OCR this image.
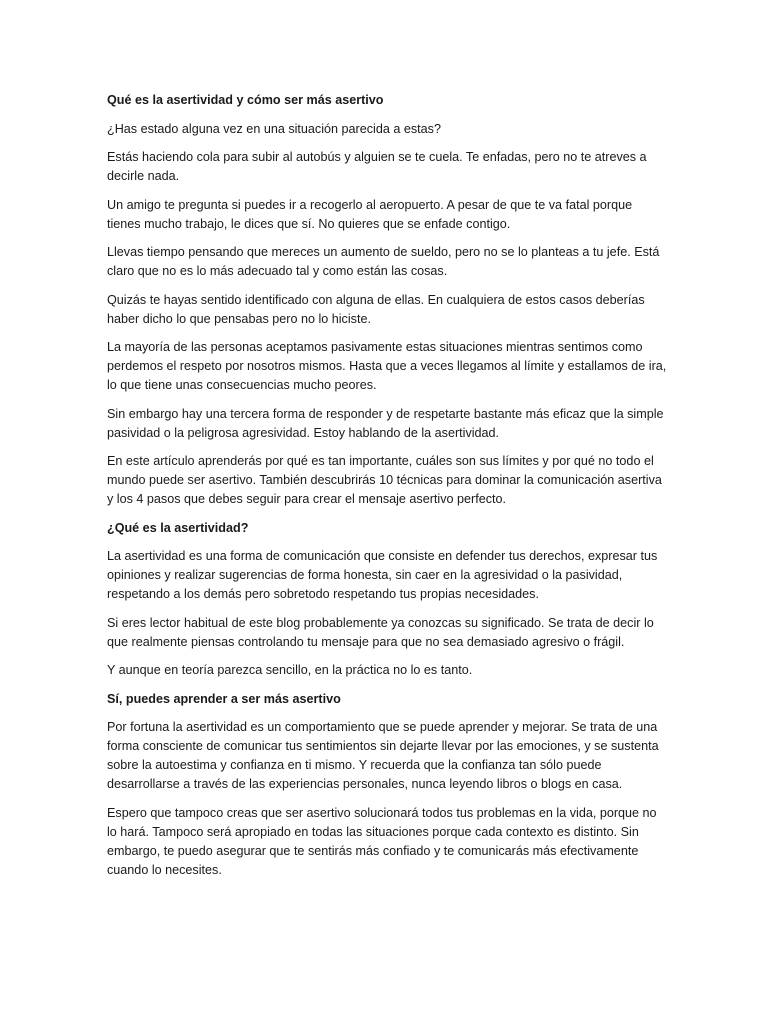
Qué es la asertividad y cómo ser más asertivo

¿Has estado alguna vez en una situación parecida a estas?

Estás haciendo cola para subir al autobús y alguien se te cuela. Te enfadas, pero no te atreves a decirle nada.

Un amigo te pregunta si puedes ir a recogerlo al aeropuerto. A pesar de que te va fatal porque tienes mucho trabajo, le dices que sí. No quieres que se enfade contigo.

Llevas tiempo pensando que mereces un aumento de sueldo, pero no se lo planteas a tu jefe. Está claro que no es lo más adecuado tal y como están las cosas.

Quizás te hayas sentido identificado con alguna de ellas. En cualquiera de estos casos deberías haber dicho lo que pensabas pero no lo hiciste.

La mayoría de las personas aceptamos pasivamente estas situaciones mientras sentimos como perdemos el respeto por nosotros mismos. Hasta que a veces llegamos al límite y estallamos de ira, lo que tiene unas consecuencias mucho peores.

Sin embargo hay una tercera forma de responder y de respetarte bastante más eficaz que la simple pasividad o la peligrosa agresividad. Estoy hablando de la asertividad.

En este artículo aprenderás por qué es tan importante, cuáles son sus límites y por qué no todo el mundo puede ser asertivo. También descubrirás 10 técnicas para dominar la comunicación asertiva y los 4 pasos que debes seguir para crear el mensaje asertivo perfecto.

¿Qué es la asertividad?

La asertividad es una forma de comunicación que consiste en defender tus derechos, expresar tus opiniones y realizar sugerencias de forma honesta, sin caer en la agresividad o la pasividad, respetando a los demás pero sobretodo respetando tus propias necesidades.

Si eres lector habitual de este blog probablemente ya conozcas su significado. Se trata de decir lo que realmente piensas controlando tu mensaje para que no sea demasiado agresivo o frágil.

Y aunque en teoría parezca sencillo, en la práctica no lo es tanto.

Sí, puedes aprender a ser más asertivo

Por fortuna la asertividad es un comportamiento que se puede aprender y mejorar. Se trata de una forma consciente de comunicar tus sentimientos sin dejarte llevar por las emociones, y se sustenta sobre la autoestima y confianza en ti mismo. Y recuerda que la confianza tan sólo puede desarrollarse a través de las experiencias personales, nunca leyendo libros o blogs en casa.

Espero que tampoco creas que ser asertivo solucionará todos tus problemas en la vida, porque no lo hará. Tampoco será apropiado en todas las situaciones porque cada contexto es distinto. Sin embargo, te puedo asegurar que te sentirás más confiado y te comunicarás más efectivamente cuando lo necesites.
